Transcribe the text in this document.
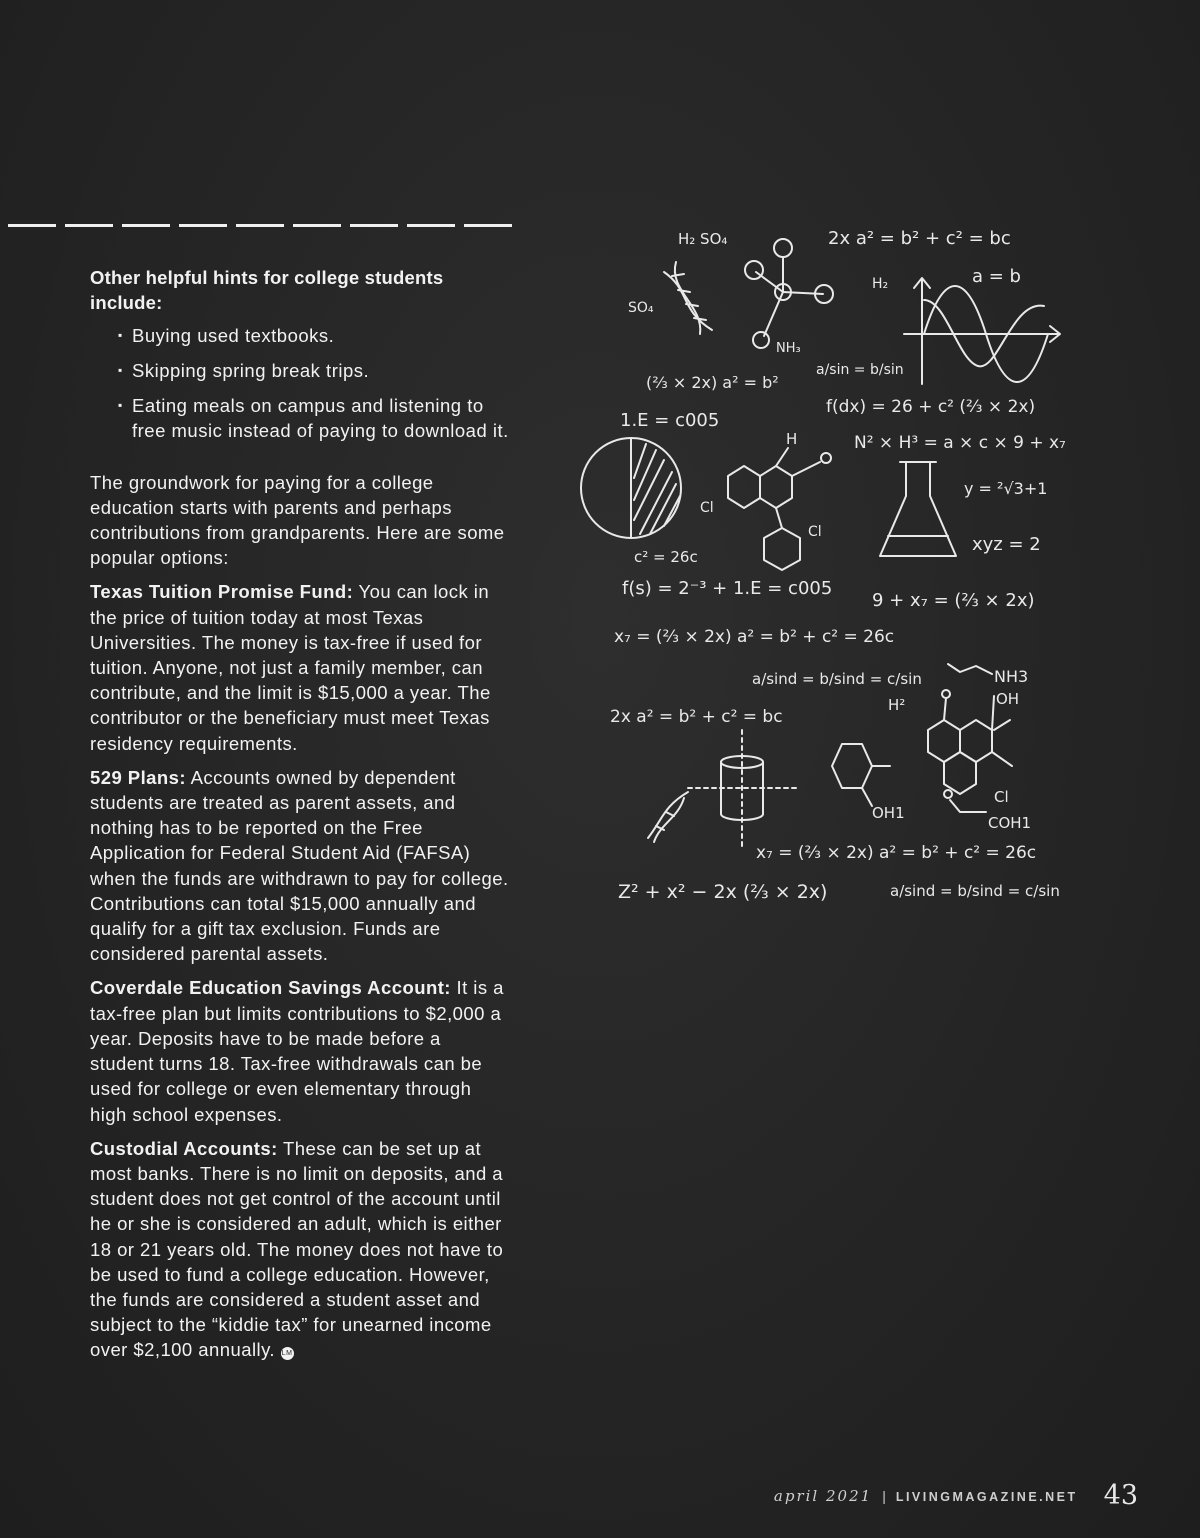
Other helpful hints for college students include:
▪ Buying used textbooks.
▪ Skipping spring break trips.
▪ Eating meals on campus and listening to free music instead of paying to download it.

The groundwork for paying for a college education starts with parents and perhaps contributions from grandparents. Here are some popular options:

Texas Tuition Promise Fund: You can lock in the price of tuition today at most Texas Universities. The money is tax-free if used for tuition. Anyone, not just a family member, can contribute, and the limit is $15,000 a year. The contributor or the beneficiary must meet Texas residency requirements.

529 Plans: Accounts owned by dependent students are treated as parent assets, and nothing has to be reported on the Free Application for Federal Student Aid (FAFSA) when the funds are withdrawn to pay for college. Contributions can total $15,000 annually and qualify for a gift tax exclusion. Funds are considered parental assets.

Coverdale Education Savings Account: It is a tax-free plan but limits contributions to $2,000 a year. Deposits have to be made before a student turns 18. Tax-free withdrawals can be used for college or even elementary through high school expenses.

Custodial Accounts: These can be set up at most banks. There is no limit on deposits, and a student does not get control of the account until he or she is considered an adult, which is either 18 or 21 years old. The money does not have to be used to fund a college education. However, the funds are considered a student asset and subject to the “kiddie tax” for unearned income over $2,100 annually. LM

H₂ SO₄	2x a² = b² + c² = bc
a = b
H₂
SO₄
NH₃
(⅔ × 2x) a² = b²
a/sin = b/sin
f(dx) = 26 + c² (⅔ × 2x)
1.E = c005
H	N² × H³ = a × c × 9 + x₇
y = ²√3+1
Cl
Cl
xyz = 2
c² = 26c
f(s) = 2⁻³ + 1.E = c005
9 + x₇ = (⅔ × 2x)
x₇ = (⅔ × 2x) a² = b² + c² = 26c
a/sind = b/sind = c/sin	NH3
H²	OH
2x a² = b² + c² = bc
OH1
Cl
COH1
x₇ = (⅔ × 2x) a² = b² + c² = 26c
Z² + x² − 2x (⅔ × 2x)	a/sind = b/sind = c/sin
april 2021 | LIVINGMAGAZINE.NET 43
